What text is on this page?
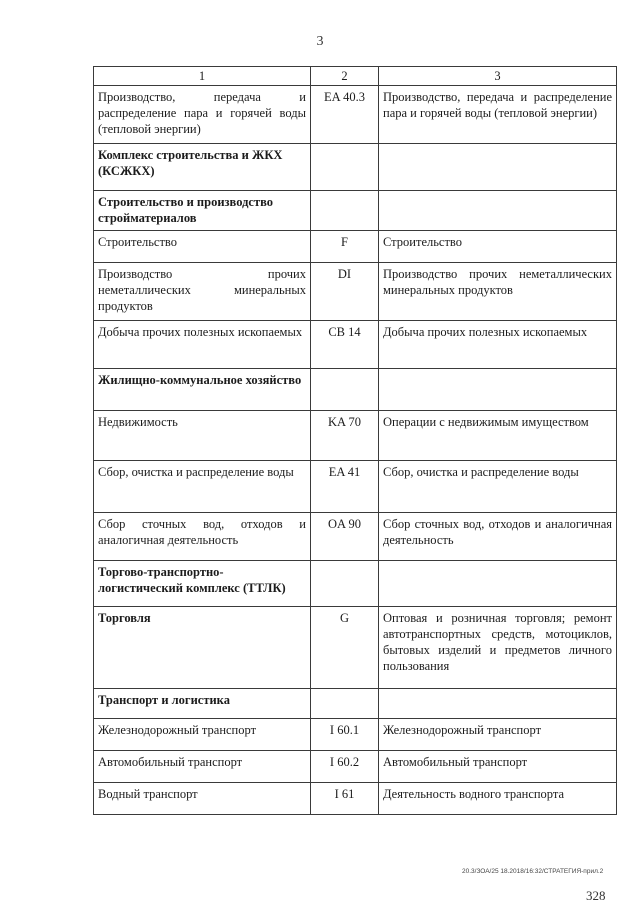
3
1	2	3
Производство, передача и распределение пара и горячей воды (тепловой энергии)	EA 40.3	Производство, передача и распределение пара и горячей воды (тепловой энергии)
Комплекс строительства и ЖКХ (КСЖКХ)		
Строительство и производство стройматериалов		
Строительство	F	Строительство
Производство прочих неметаллических минеральных продуктов	DI	Производство прочих неметаллических минеральных продуктов
Добыча прочих полезных ископаемых	CB 14	Добыча прочих полезных ископаемых
Жилищно-коммунальное хозяйство		
Недвижимость	KA 70	Операции с недвижимым имуществом
Сбор, очистка и распределение воды	EA 41	Сбор, очистка и распределение воды
Сбор сточных вод, отходов и аналогичная деятельность	OA 90	Сбор сточных вод, отходов и аналогичная деятельность
Торгово-транспортно-логистический комплекс (ТТЛК)		
Торговля	G	Оптовая и розничная торговля; ремонт автотранспортных средств, мотоциклов, бытовых изделий и предметов личного пользования
Транспорт и логистика		
Железнодорожный транспорт	I 60.1	Железнодорожный транспорт
Автомобильный транспорт	I 60.2	Автомобильный транспорт
Водный транспорт	I 61	Деятельность водного транспорта
20.3/ЗОА/25 18.2018/16:32/СТРАТЕГИЯ-прил.2
328
